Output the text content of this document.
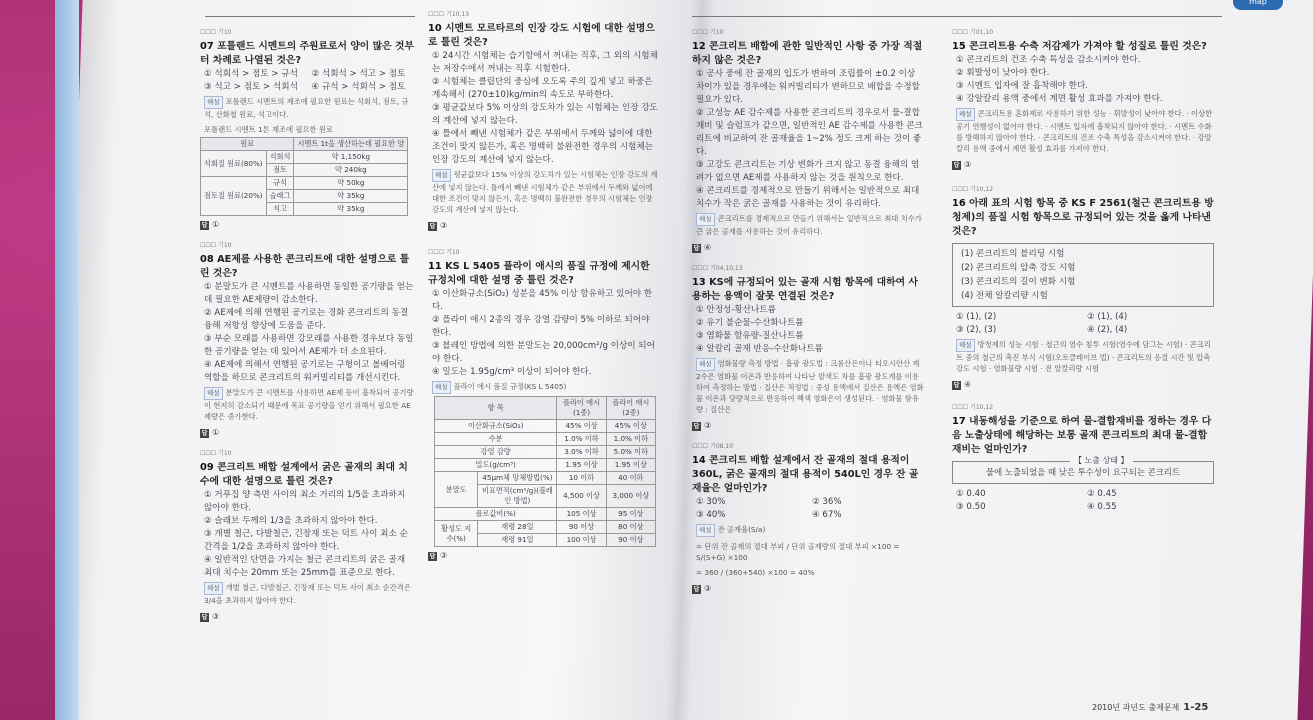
map
☐☐☐ 기10
07 포틀랜드 시멘트의 주원료로서 양이 많은 것부터 차례로 나열된 것은?
① 석회석 > 점토 > 규석	② 석회석 > 석고 > 점토
③ 석고 > 점토 > 석회석	④ 규석 > 석회석 > 점토
해설 포틀랜드 시멘트의 제조에 필요한 원료는 석회석, 점토, 규석, 산화철 원료, 석고이다.
포틀랜드 시멘트 1톤 제조에 필요한 원료
원료		시멘트 1t을 생산하는데 필요한 양
석회질 원료(80%)	석회석	약 1,150kg
	점토	약 240kg
점토질 원료(20%)	규석	약 50kg
	슬래그	약 35kg
	석고	약 35kg
답 ①
☐☐☐ 기10
08 AE제를 사용한 콘크리트에 대한 설명으로 틀린 것은?
① 분말도가 큰 시멘트를 사용하면 동일한 공기량을 얻는데 필요한 AE제량이 감소한다.
② AE제에 의해 연행된 공기로는 경화 콘크리트의 동결 융해 저항성 향상에 도움을 준다.
③ 부순 모래를 사용하면 강모래를 사용한 경우보다 동일한 공기량을 얻는 데 있어서 AE제가 더 소요된다.
④ AE제에 의해서 연행된 공기로는 구형이고 볼베어링 역할을 하므로 콘크리트의 워커빌리티를 개선시킨다.
해설 분말도가 큰 시멘트를 사용하면 AE제 등이 흡착되어 공기량이 현저히 감소되기 때문에 목표 공기량을 얻기 위해서 필요한 AE제량은 증가한다.
답 ①
☐☐☐ 기10
09 콘크리트 배합 설계에서 굵은 골재의 최대 치수에 대한 설명으로 틀린 것은?
① 거푸집 양 측면 사이의 최소 거리의 1/5을 초과하지 않아야 한다.
② 슬래브 두께의 1/3을 초과하지 않아야 한다.
③ 개별 철근, 다발철근, 긴장재 또는 덕트 사이 최소 순간격을 1/2을 초과하지 않아야 한다.
④ 일반적인 단면을 가지는 철근 콘크리트의 굵은 골재 최대 치수는 20mm 또는 25mm를 표준으로 한다.
해설 개별 철근, 다발철근, 긴장재 또는 덕트 사이 최소 순간격은 3/4을 초과하지 않아야 한다.
답 ③
☐☐☐ 기10,13
10 시멘트 모르타르의 인장 강도 시험에 대한 설명으로 틀린 것은?
① 24시간 시험체는 습기함에서 꺼내는 직후, 그 외의 시험체는 저장수에서 꺼내는 직후 시험한다.
② 시험체는 클립단의 중심에 오도록 주의 깊게 넣고 하중은 계속해서 (270±10)kg/min의 속도로 부하한다.
③ 평균값보다 5% 이상의 강도차가 있는 시험체는 인장 강도의 계산에 넣지 않는다.
④ 틀에서 빼낸 시험체가 같은 부위에서 두께와 넓이에 대한 조건이 맞지 않든가, 혹은 명백히 불완전한 경우의 시험체는 인장 강도의 계산에 넣지 않는다.
해설 평균값보다 15% 이상의 강도차가 있는 시험체는 인장 강도의 계산에 넣지 않는다. 틀에서 빼낸 시험체가 같은 부위에서 두께와 넓이에 대한 조건이 맞지 않든가, 혹은 명백히 불완전한 경우의 시험체는 인장 강도의 계산에 넣지 않는다.
답 ③
☐☐☐ 기10
11 KS L 5405 플라이 애시의 품질 규정에 제시한 규정치에 대한 설명 중 틀린 것은?
① 이산화규소(SiO₂) 성분을 45% 이상 함유하고 있어야 한다.
② 플라이 애시 2종의 경우 강열 감량이 5% 이하로 되어야 한다.
③ 블레인 방법에 의한 분말도는 20,000cm²/g 이상이 되어야 한다.
④ 밀도는 1.95g/cm³ 이상이 되어야 한다.
해설 플라이 애시 품질 규정(KS L 5405)
항 목		플라이 애시(1종)	플라이 애시(2종)
이산화규소(SiO₂)		45% 이상	45% 이상
수분		1.0% 이하	1.0% 이하
강열 감량		3.0% 이하	5.0% 이하
밀도(g/cm³)		1.95 이상	1.95 이상
분말도	45μm체 망체방법(%)	10 이하	40 이하
	비표면적(cm²/g)(블레인 방법)	4,500 이상	3,000 이상
플로값비(%)		105 이상	95 이상
활성도 지수(%)	재령 28일	90 이상	80 이상
	재령 91일	100 이상	90 이상
답 ③
☐☐☐ 기10
12 콘크리트 배합에 관한 일반적인 사항 중 가장 적절하지 않은 것은?
① 공사 중에 잔 골재의 입도가 변하여 조립률이 ±0.2 이상 차이가 있을 경우에는 워커빌리티가 변하므로 배합을 수정할 필요가 있다.
② 고성능 AE 감수제를 사용한 콘크리트의 경우로서 물-결합재비 및 슬럼프가 같으면, 일반적인 AE 감수제를 사용한 콘크리트에 비교하여 잔 골재율을 1~2% 정도 크게 하는 것이 좋다.
③ 고강도 콘크리트는 기상 변화가 크지 않고 동결 융해의 염려가 없으면 AE제를 사용하지 않는 것을 원칙으로 한다.
④ 콘크리트를 경제적으로 만들기 위해서는 일반적으로 최대 치수가 작은 굵은 골재를 사용하는 것이 유리하다.
해설 콘크리트를 경제적으로 만들기 위해서는 일반적으로 최대 치수가 큰 굵은 골재를 사용하는 것이 유리하다.
답 ④
☐☐☐ 기04,10,13
13 KS에 규정되어 있는 골재 시험 항목에 대하여 사용하는 용액이 잘못 연결된 것은?
① 안정성-황산나트륨
② 유기 불순물-수산화나트륨
③ 염화물 함유량-질산나트륨
④ 알칼리 골재 반응-수산화나트륨
해설 염화물량 측정 방법 · 흡광 광도법 : 크롬산은이나 티오시안산 제2수은 염화물 이온과 반응하여 나타난 발색도 차를 흡광 광도계를 이용하여 측정하는 방법 · 질산은 적정법 : 중성 용액에서 질산은 용액은 염화물 이온과 당량적으로 반응하여 백색 염화은이 생성된다. · 염화물 함유량 : 질산은
답 ③
☐☐☐ 기08,10
14 콘크리트 배합 설계에서 잔 골재의 절대 용적이 360L, 굵은 골재의 절대 용적이 540L인 경우 잔 골재율은 얼마인가?
① 30%	② 36%
③ 40%	④ 67%
해설 잔 골재율(S/a)
= 단위 잔 골재의 절대 부피 / 단위 골재량의 절대 부피 ×100 = S/(S+G) ×100
= 360 / (360+540) ×100 = 40%
답 ③
☐☐☐ 기01,10
15 콘크리트용 수축 저감제가 가져야 할 성질로 틀린 것은?
① 콘크리트의 건조 수축 특성을 감소시켜야 한다.
② 휘발성이 낮아야 한다.
③ 시멘트 입자에 잘 흡착해야 한다.
④ 강알칼리 용액 중에서 계면 활성 효과를 가져야 한다.
해설 콘크리트용 혼화제로 사용하기 위한 성능 · 휘발성이 낮아야 한다. · 이상한 공기 연행성이 없어야 한다. · 시멘트 입자에 흡착되지 않아야 한다. · 시멘트 수화를 방해하지 않아야 한다. · 콘크리트의 건조 수축 특성을 감소시켜야 한다. · 강알칼리 용액 중에서 계면 활성 효과를 가져야 한다.
답 ③
☐☐☐ 기10,12
16 아래 표의 시험 항목 중 KS F 2561(철근 콘크리트용 방청제)의 품질 시험 항목으로 규정되어 있는 것을 옳게 나타낸 것은?
(1) 콘크리트의 블리딩 시험
(2) 콘크리트의 압축 강도 시험
(3) 콘크리트의 길이 변화 시험
(4) 전체 알칼리량 시험
① (1), (2)	② (1), (4)
③ (2), (3)	④ (2), (4)
해설 방청제의 성능 시험 · 철근의 염수 침투 시험(염수에 담그는 시험) · 콘크리트 중의 철근의 촉진 부식 시험(오토클레이브 법) · 콘크리트의 응결 시간 및 압축 강도 시험 · 염화물량 시험 · 전 알칼리량 시험
답 ④
☐☐☐ 기10,12
17 내동해성을 기준으로 하여 물-결합재비를 정하는 경우 다음 노출상태에 해당하는 보통 골재 콘크리트의 최대 물-결합재비는 얼마인가?
【 노출 상태 】
물에 노출되었을 때 낮은 투수성이 요구되는 콘크리트
① 0.40	② 0.45
③ 0.50	④ 0.55
2010년 과년도 출제문제 1-25
